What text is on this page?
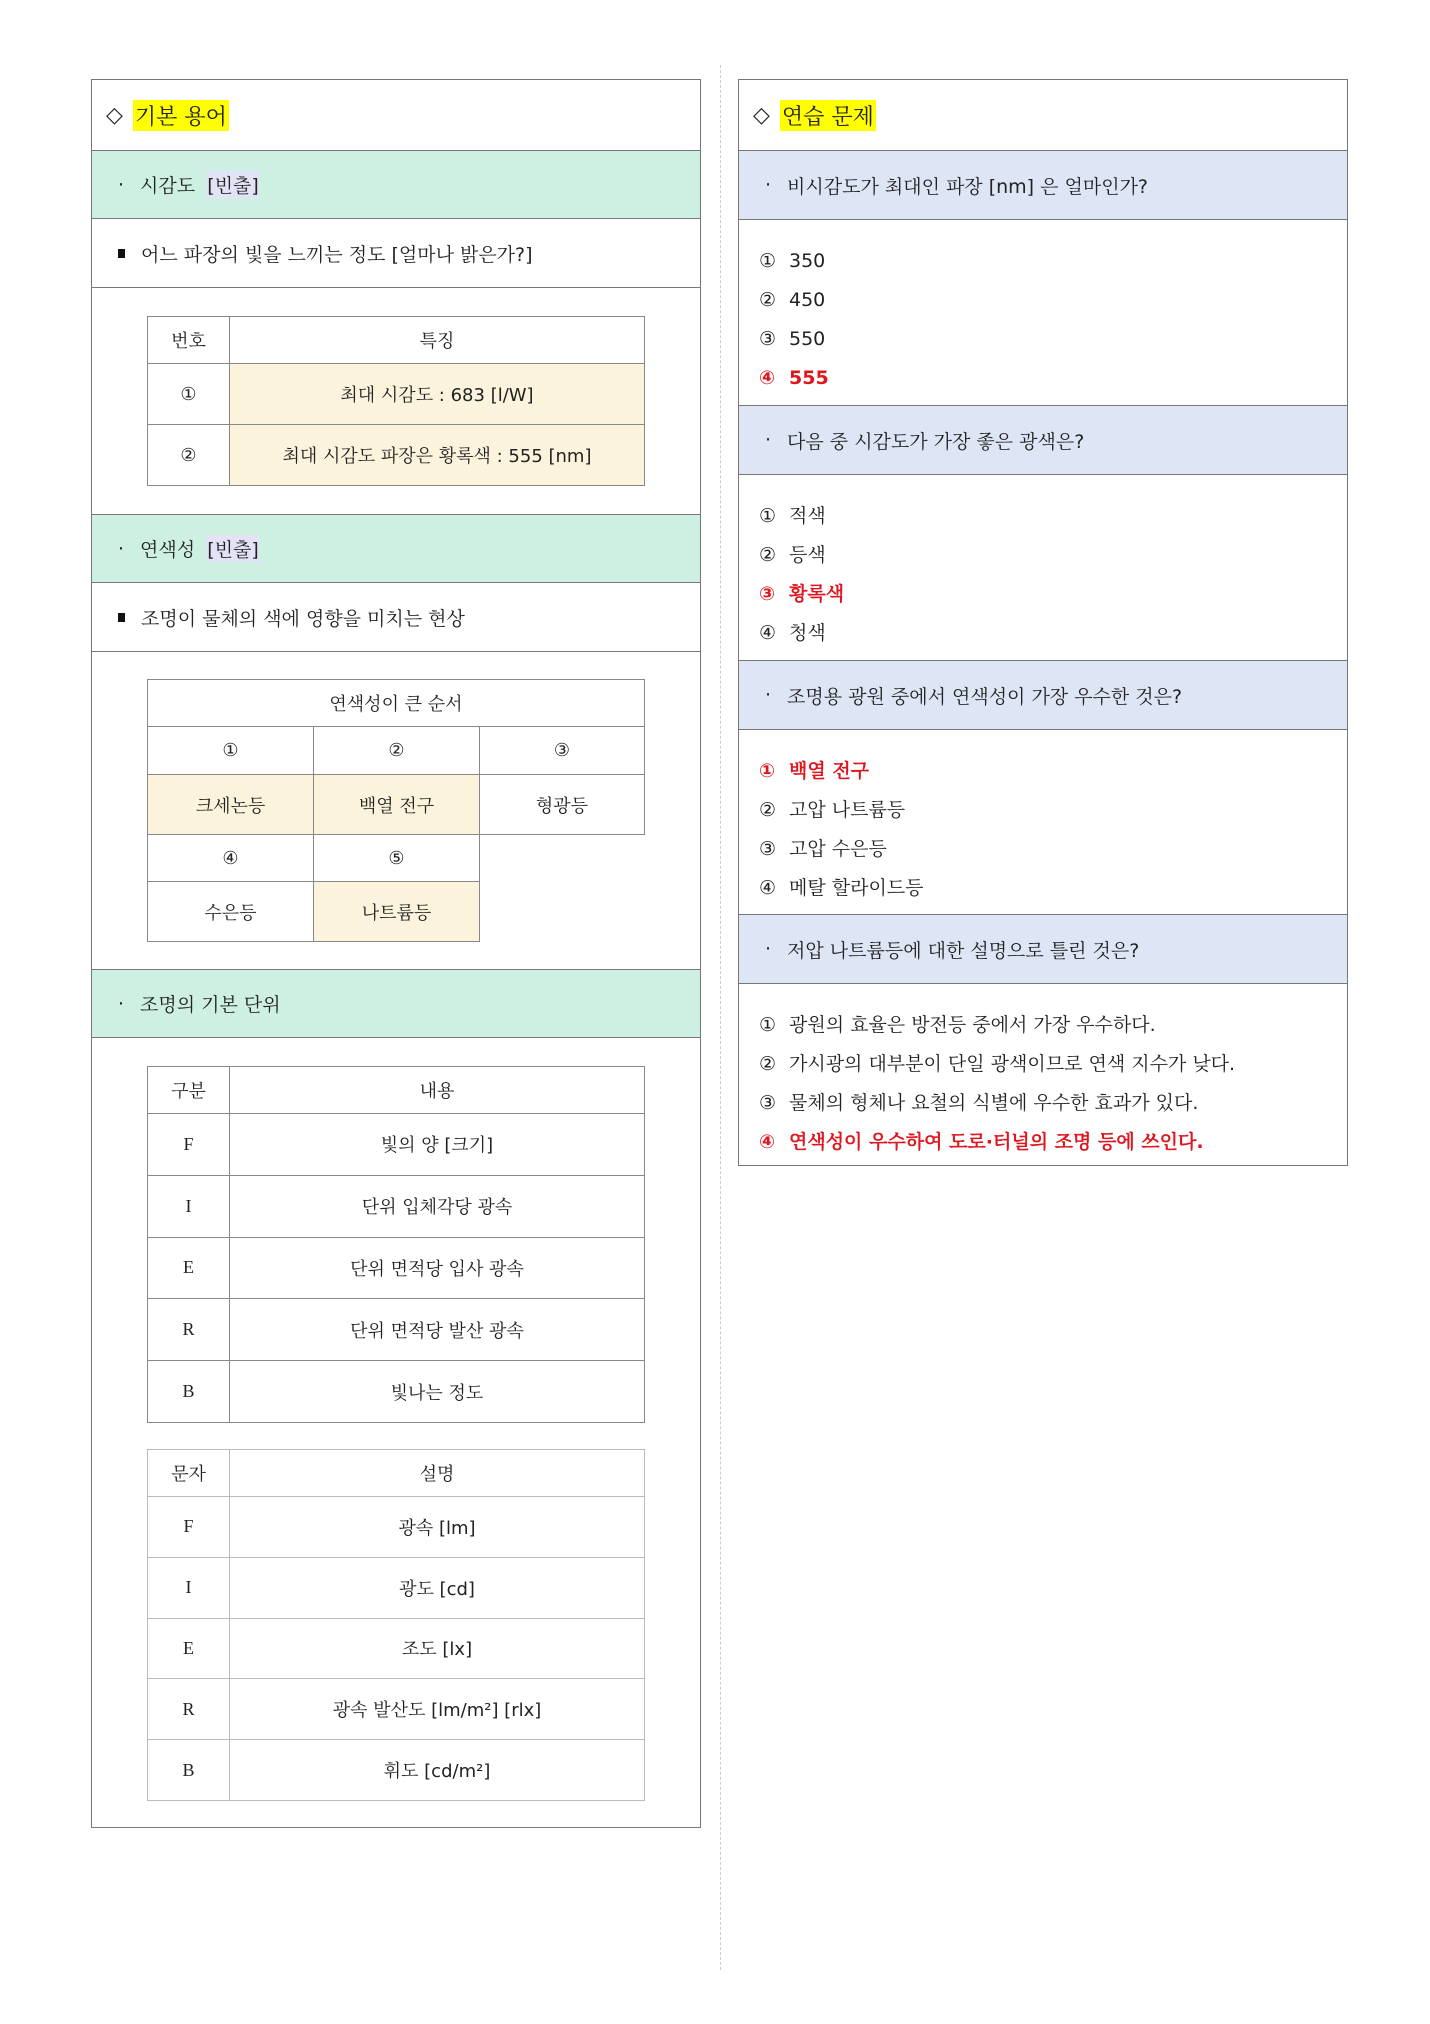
◇ 기본 용어
· 시감도
[빈출]
어느 파장의 빛을 느끼는 정도 [얼마나 밝은가?]
번호	특징
①	최대 시감도 : 683 [l/W]
②	최대 시감도 파장은 황록색 : 555 [nm]
· 연색성
[빈출]
조명이 물체의 색에 영향을 미치는 현상
연색성이 큰 순서		
①	②	③
크세논등	백열 전구	형광등
④	⑤	
수은등	나트륨등	
· 조명의 기본 단위
구분	내용
F	빛의 양 [크기]
I	단위 입체각당 광속
E	단위 면적당 입사 광속
R	단위 면적당 발산 광속
B	빛나는 정도
문자	설명
F	광속 [lm]
I	광도 [cd]
E	조도 [lx]
R	광속 발산도 [lm/m²] [rlx]
B	휘도 [cd/m²]
◇ 연습 문제
· 비시감도가 최대인 파장 [nm] 은 얼마인가?
① 350
② 450
③ 550
④ 555
· 다음 중 시감도가 가장 좋은 광색은?
① 적색
② 등색
③ 황록색
④ 청색
· 조명용 광원 중에서 연색성이 가장 우수한 것은?
① 백열 전구
② 고압 나트륨등
③ 고압 수은등
④ 메탈 할라이드등
· 저압 나트륨등에 대한 설명으로 틀린 것은?
① 광원의 효율은 방전등 중에서 가장 우수하다.
② 가시광의 대부분이 단일 광색이므로 연색 지수가 낮다.
③ 물체의 형체나 요철의 식별에 우수한 효과가 있다.
④ 연색성이 우수하여 도로·터널의 조명 등에 쓰인다.
